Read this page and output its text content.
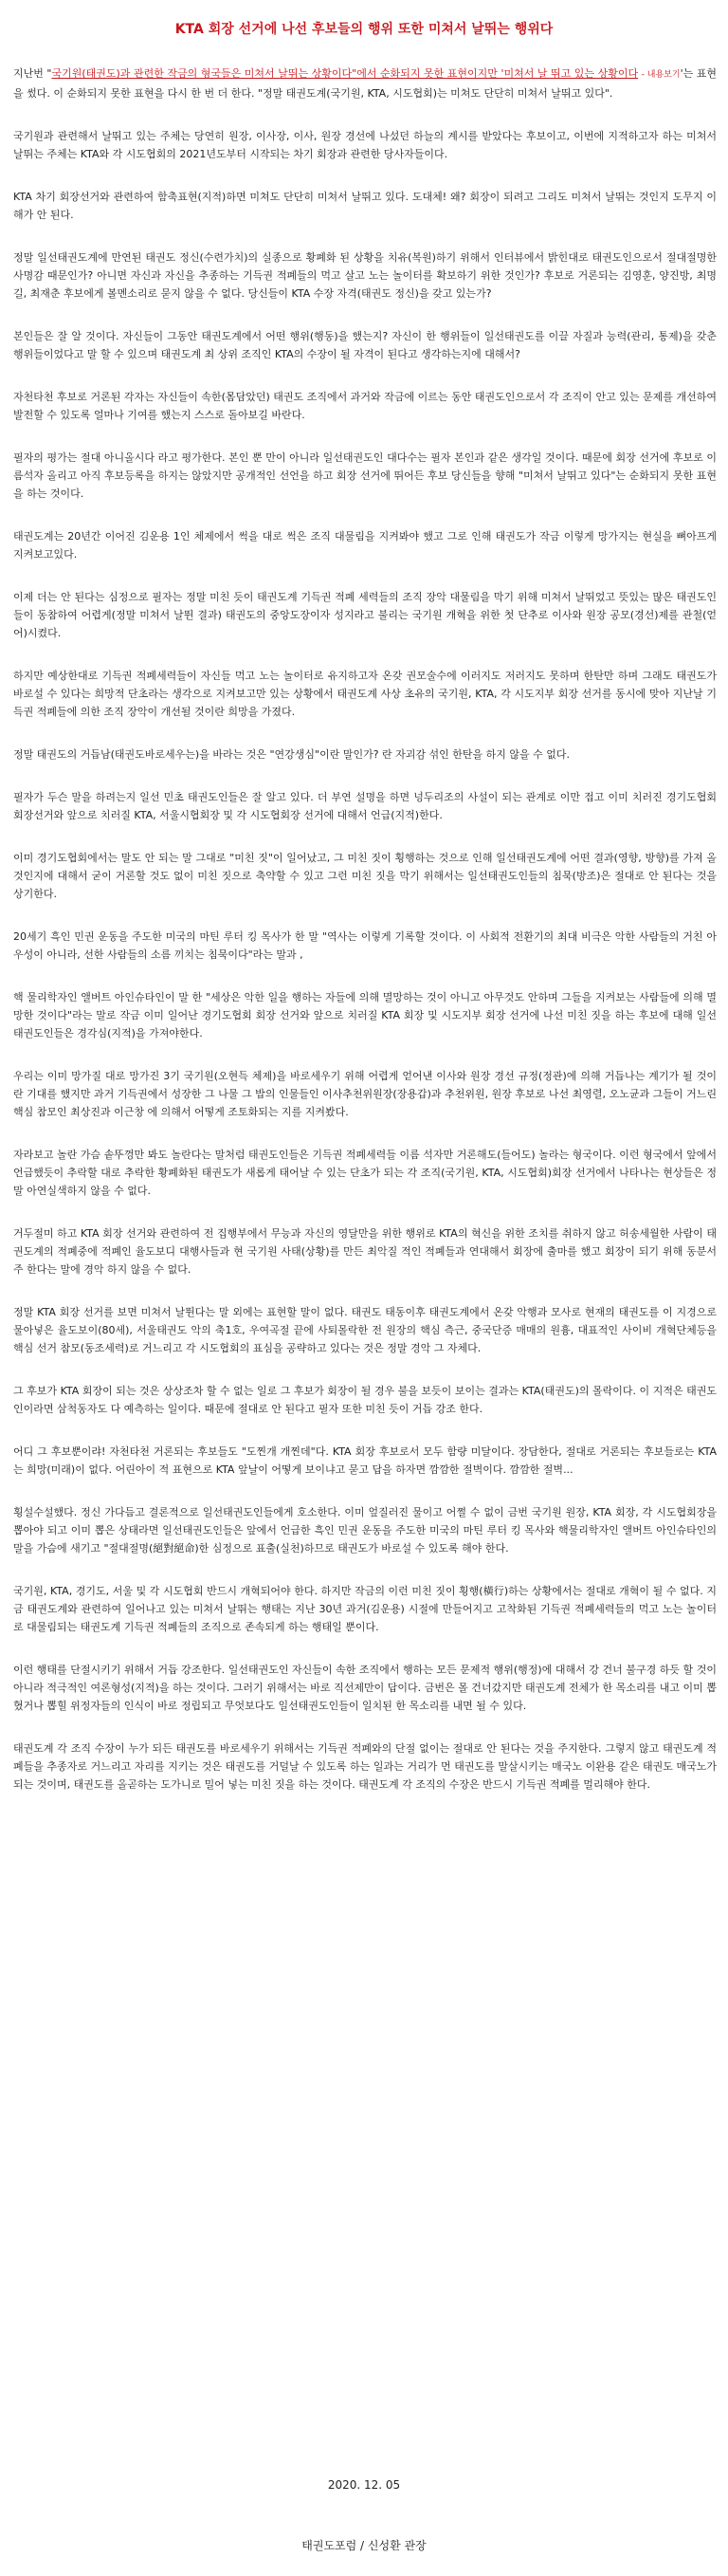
KTA 회장 선거에 나선 후보들의 행위 또한 미쳐서 날뛰는 행위다

지난번 "국기원(태권도)과 관련한 작금의 형국들은 미쳐서 날뛰는 상황이다"에서 순화되지 못한 표현이지만 '미쳐서 날 뛰고 있는 상황이다 - 내용보기'는 표현을 썼다. 이 순화되지 못한 표현을 다시 한 번 더 한다. "정말 태권도계(국기원, KTA, 시도협회)는 미쳐도 단단히 미쳐서 날뛰고 있다".

국기원과 관련해서 날뛰고 있는 주체는 당연히 원장, 이사장, 이사, 원장 경선에 나섰던 하늘의 계시를 받았다는 후보이고, 이번에 지적하고자 하는 미쳐서 날뛰는 주체는 KTA와 각 시도협회의 2021년도부터 시작되는 차기 회장과 관련한 당사자들이다.

KTA 차기 회장선거와 관련하여 함축표현(지적)하면 미쳐도 단단히 미쳐서 날뛰고 있다. 도대체! 왜? 회장이 되려고 그리도 미쳐서 날뛰는 것인지 도무지 이해가 안 된다.

정말 일선태권도계에 만연된 태권도 정신(수련가치)의 실종으로 황폐화 된 상황을 치유(복원)하기 위해서 인터뷰에서 밝힌대로 태권도인으로서 절대절명한 사명감 때문인가? 아니면 자신과 자신을 추종하는 기득권 적폐들의 먹고 살고 노는 놀이터를 확보하기 위한 것인가? 후보로 거론되는 김영훈, 양진방, 최명길, 최재춘 후보에게 볼멘소리로 묻지 않을 수 없다. 당신들이 KTA 수장 자격(태권도 정신)을 갖고 있는가?

본인들은 잘 알 것이다. 자신들이 그동안 태권도계에서 어떤 행위(행동)을 했는지? 자신이 한 행위들이 일선태권도를 이끌 자질과 능력(관리, 통제)을 갖춘 행위들이었다고 말 할 수 있으며 태권도계 최 상위 조직인 KTA의 수장이 될 자격이 된다고 생각하는지에 대해서?

자천타천 후보로 거론된 각자는 자신들이 속한(몸담았던) 태권도 조직에서 과거와 작금에 이르는 동안 태권도인으로서 각 조직이 안고 있는 문제를 개선하여 발전할 수 있도록 얼마나 기여를 했는지 스스로 돌아보길 바란다.

필자의 평가는 절대 아니올시다 라고 평가한다. 본인 뿐 만이 아니라 일선태권도인 대다수는 필자 본인과 같은 생각일 것이다. 때문에 회장 선거에 후보로 이름석자 올리고 아직 후보등록을 하지는 않았지만 공개적인 선언을 하고 회장 선거에 뛰어든 후보 당신들을 향해 "미쳐서 날뛰고 있다"는 순화되지 못한 표현을 하는 것이다.

태권도계는 20년간 이어진 김운용 1인 체제에서 썩을 대로 썩은 조직 대물림을 지켜봐야 했고 그로 인해 태권도가 작금 이렇게 망가지는 현실을 뼈아프게 지켜보고있다.

이제 더는 안 된다는 심정으로 필자는 정말 미친 듯이 태권도계 기득권 적폐 세력들의 조직 장악 대물림을 막기 위해 미쳐서 날뛰었고 뜻있는 많은 태권도인들이 동참하여 어렵게(정말 미쳐서 날뛴 결과) 태권도의 중앙도장이자 성지라고 불리는 국기원 개혁을 위한 첫 단추로 이사와 원장 공모(경선)제를 관철(얻어)시켰다.

하지만 예상한대로 기득권 적폐세력들이 자신들 먹고 노는 놀이터로 유지하고자 온갖 권모술수에 이러지도 저러지도 못하며 한탄만 하며 그래도 태권도가 바로설 수 있다는 희망적 단초라는 생각으로 지켜보고만 있는 상황에서 태권도계 사상 초유의 국기원, KTA, 각 시도지부 회장 선거를 동시에 맞아 지난날 기득권 적폐들에 의한 조직 장악이 개선될 것이란 희망을 가졌다.

정말 태권도의 거듭남(태권도바로세우는)을 바라는 것은 "연강생심"이란 말인가? 란 자괴감 섞인 한탄을 하지 않을 수 없다.

필자가 두슨 말을 하려는지 일선 민초 태권도인들은 잘 알고 있다. 더 부연 설명을 하면 넝두리조의 사설이 되는 관계로 이만 접고 이미 치러진 경기도협회 회장선거와 앞으로 치러질 KTA, 서울시협회장 및 각 시도협회장 선거에 대해서 언급(지적)한다.

이미 경기도협회에서는 말도 안 되는 말 그대로 "미친 짓"이 일어났고, 그 미친 짓이 횡행하는 것으로 인해 일선태권도계에 어떤 결과(영향, 방향)를 가져 올 것인지에 대해서 굳이 거론할 것도 없이 미친 짓으로 축약할 수 있고 그런 미친 짓을 막기 위해서는 일선태권도인들의 침묵(방조)은 절대로 안 된다는 것을 상기한다.

20세기 흑인 민권 운동을 주도한 미국의 마틴 루터 킹 목사가 한 말 "역사는 이렇게 기록할 것이다. 이 사회적 전환기의 최대 비극은 악한 사람들의 거친 아우성이 아니라, 선한 사람들의 소름 끼치는 침묵이다"라는 말과 ,

핵 물리학자인 앨버트 아인슈타인이 말 한 "세상은 악한 일을 행하는 자들에 의해 멸망하는 것이 아니고 아무것도 안하며 그들을 지켜보는 사람들에 의해 멸망한 것이다"라는 말로 작금 이미 일어난 경기도협회 회장 선거와 앞으로 치러질 KTA 회장 및 시도지부 회장 선거에 나선 미친 짓을 하는 후보에 대해 일선태권도인들은 경각심(지적)을 가져야한다.

우리는 이미 망가질 대로 망가진 3기 국기원(오현득 체제)을 바로세우기 위해 어렵게 얻어낸 이사와 원장 경선 규정(정관)에 의해 거듭나는 계기가 될 것이란 기대를 했지만 과거 기득권에서 성장한 그 나물 그 밥의 인물들인 이사추천위원장(장용갑)과 추천위원, 원장 후보로 나선 최영렬, 오노균과 그들이 거느린 핵심 참모인 최상진과 이근창 에 의해서 어떻게 조토화되는 지를 지켜봤다.

자라보고 놀란 가슴 솥뚜껑만 봐도 놀란다는 말처럼 태권도인들은 기득권 적폐세력들 이름 석자만 거론해도(들어도) 놀라는 형국이다. 이런 형국에서 앞에서 언급했듯이 추락할 대로 추락한 황폐화된 태권도가 새롭게 태어날 수 있는 단초가 되는 각 조직(국기원, KTA, 시도협회)회장 선거에서 나타나는 현상들은 정말 아연실색하지 않을 수 없다.

거두절미 하고 KTA 회장 선거와 관련하여 전 집행부에서 무능과 자신의 영달만을 위한 행위로 KTA의 혁신을 위한 조치를 취하지 않고 허송세월한 사람이 태권도계의 적폐중에 적폐인 율도보디 대행사들과 현 국기원 사태(상황)를 만든 최악질 적인 적폐들과 연대해서 회장에 출마를 했고 회장이 되기 위해 동분서주 한다는 말에 경악 하지 않을 수 없다.

정말 KTA 회장 선거를 보면 미쳐서 날뛴다는 말 외에는 표현할 말이 없다. 태권도 태동이후 태권도계에서 온갖 악행과 모사로 현재의 태권도를 이 지경으로 물아넣은 율도보이(80세), 서울태권도 악의 축1호, 우여곡절 끝에 사퇴몰락한 전 원장의 핵심 측근, 중국단증 매매의 원흉, 대표적인 사이비 개혁단체등을 핵심 선거 참모(동조세력)로 거느리고 각 시도협회의 표심을 공략하고 있다는 것은 정말 경악 그 자체다.

그 후보가 KTA 회장이 되는 것은 상상조차 할 수 없는 일로 그 후보가 회장이 될 경우 불을 보듯이 보이는 결과는 KTA(태권도)의 몰락이다. 이 지적은 태권도인이라면 삼척동자도 다 예측하는 일이다. 때문에 절대로 안 된다고 필자 또한 미친 듯이 거듭 강조 한다.

어디 그 후보뿐이랴! 자천타천 거론되는 후보들도 "도찐개 개찐데"다. KTA 회장 후보로서 모두 함량 미달이다. 장담한다, 절대로 거론되는 후보들로는 KTA는 희망(미래)이 없다. 어린아이 적 표현으로 KTA 앞날이 어떻게 보이냐고 묻고 답을 하자면 깜깜한 절벽이다. 깜깜한 절벽...

횡설수설했다. 정신 가다듬고 결론적으로 일선태권도인들에게 호소한다. 이미 엎질러진 물이고 어쩔 수 없이 금번 국기원 원장, KTA 회장, 각 시도협회장을 뽑아야 되고 이미 뽑은 상태라면 일선태권도인들은 앞에서 언급한 흑인 민권 운동을 주도한 미국의 마틴 루터 킹 목사와 핵물리학자인 앨버트 아인슈타인의 말을 가슴에 새기고 "절대절명(絕對絕命)한 심정으로 표출(실천)하므로 태권도가 바로설 수 있도록 해야 한다.

국기원, KTA, 경기도, 서울 및 각 시도협회 반드시 개혁되어야 한다. 하지만 작금의 이런 미친 짓이 횡행(橫行)하는 상황에서는 절대로 개혁이 될 수 없다. 지금 태권도계와 관련하여 일어나고 있는 미쳐서 날뛰는 행태는 지난 30년 과거(김운용) 시절에 만들어지고 고착화된 기득권 적폐세력들의 먹고 노는 놀이터로 대물림되는 태권도계 기득권 적폐들의 조직으로 존속되게 하는 행태일 뿐이다.

이런 행태를 단절시키기 위해서 거듭 강조한다. 일선태권도인 자신들이 속한 조직에서 행하는 모든 문제적 행위(행정)에 대해서 강 건너 불구경 하듯 할 것이 아니라 적극적인 여론형성(지적)을 하는 것이다. 그러기 위해서는 바로 직선제만이 답이다. 금번은 몰 건너갔지만 태권도계 전체가 한 목소리를 내고 이미 뽑혔거나 뽑힐 위정자들의 인식이 바로 정립되고 무엇보다도 일선태권도인들이 일치된 한 목소리를 내면 될 수 있다.

태권도계 각 조직 수장이 누가 되든 태권도를 바로세우기 위해서는 기득권 적폐와의 단절 없이는 절대로 안 된다는 것을 주지한다. 그렇지 않고 태권도계 적폐들을 추종자로 거느리고 자리를 지키는 것은 태권도를 거덜날 수 있도록 하는 일과는 거리가 먼 태권도를 말살시키는 매국노 이완용 같은 태권도 매국노가 되는 것이며, 태권도를 올곧하는 도가니로 밀어 넣는 미친 짓을 하는 것이다. 태권도계 각 조직의 수장은 반드시 기득권 적폐를 멀리해야 한다.

2020. 12. 05
태권도포럼 / 신성환 관장
